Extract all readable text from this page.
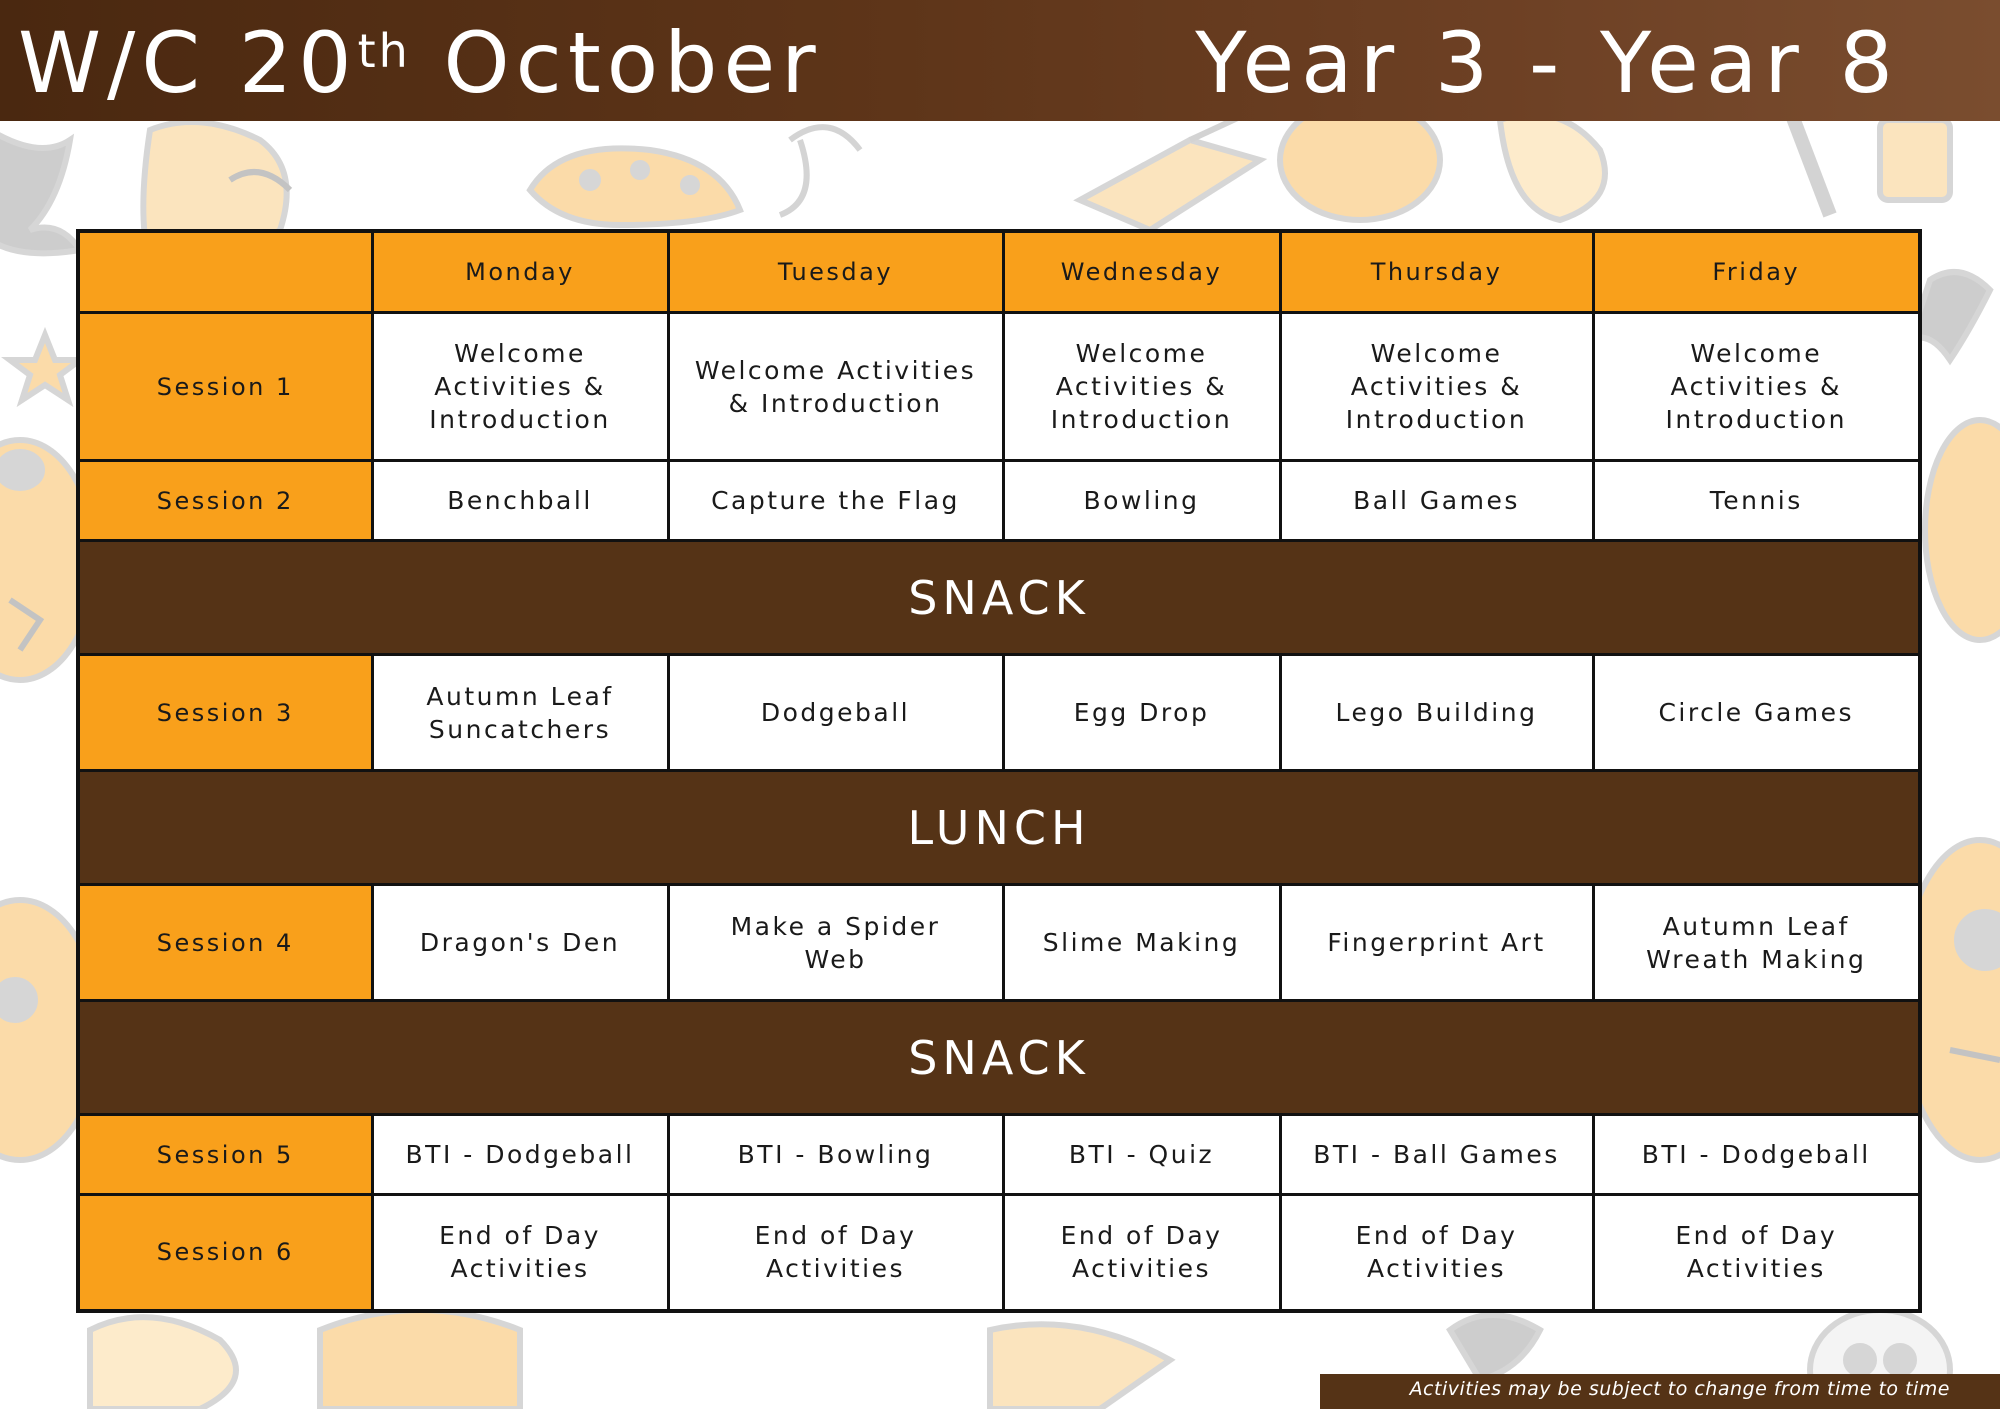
W/C 20th October	Year 3 - Year 8
	Monday	Tuesday	Wednesday	Thursday	Friday
Session 1	Welcome Activities & Introduction	Welcome Activities & Introduction	Welcome Activities & Introduction	Welcome Activities & Introduction	Welcome Activities & Introduction
Session 2	Benchball	Capture the Flag	Bowling	Ball Games	Tennis
SNACK					
Session 3	Autumn Leaf Suncatchers	Dodgeball	Egg Drop	Lego Building	Circle Games
LUNCH					
Session 4	Dragon's Den	Make a Spider Web	Slime Making	Fingerprint Art	Autumn Leaf Wreath Making
SNACK					
Session 5	BTI - Dodgeball	BTI - Bowling	BTI - Quiz	BTI - Ball Games	BTI - Dodgeball
Session 6	End of Day Activities	End of Day Activities	End of Day Activities	End of Day Activities	End of Day Activities
Activities may be subject to change from time to time
